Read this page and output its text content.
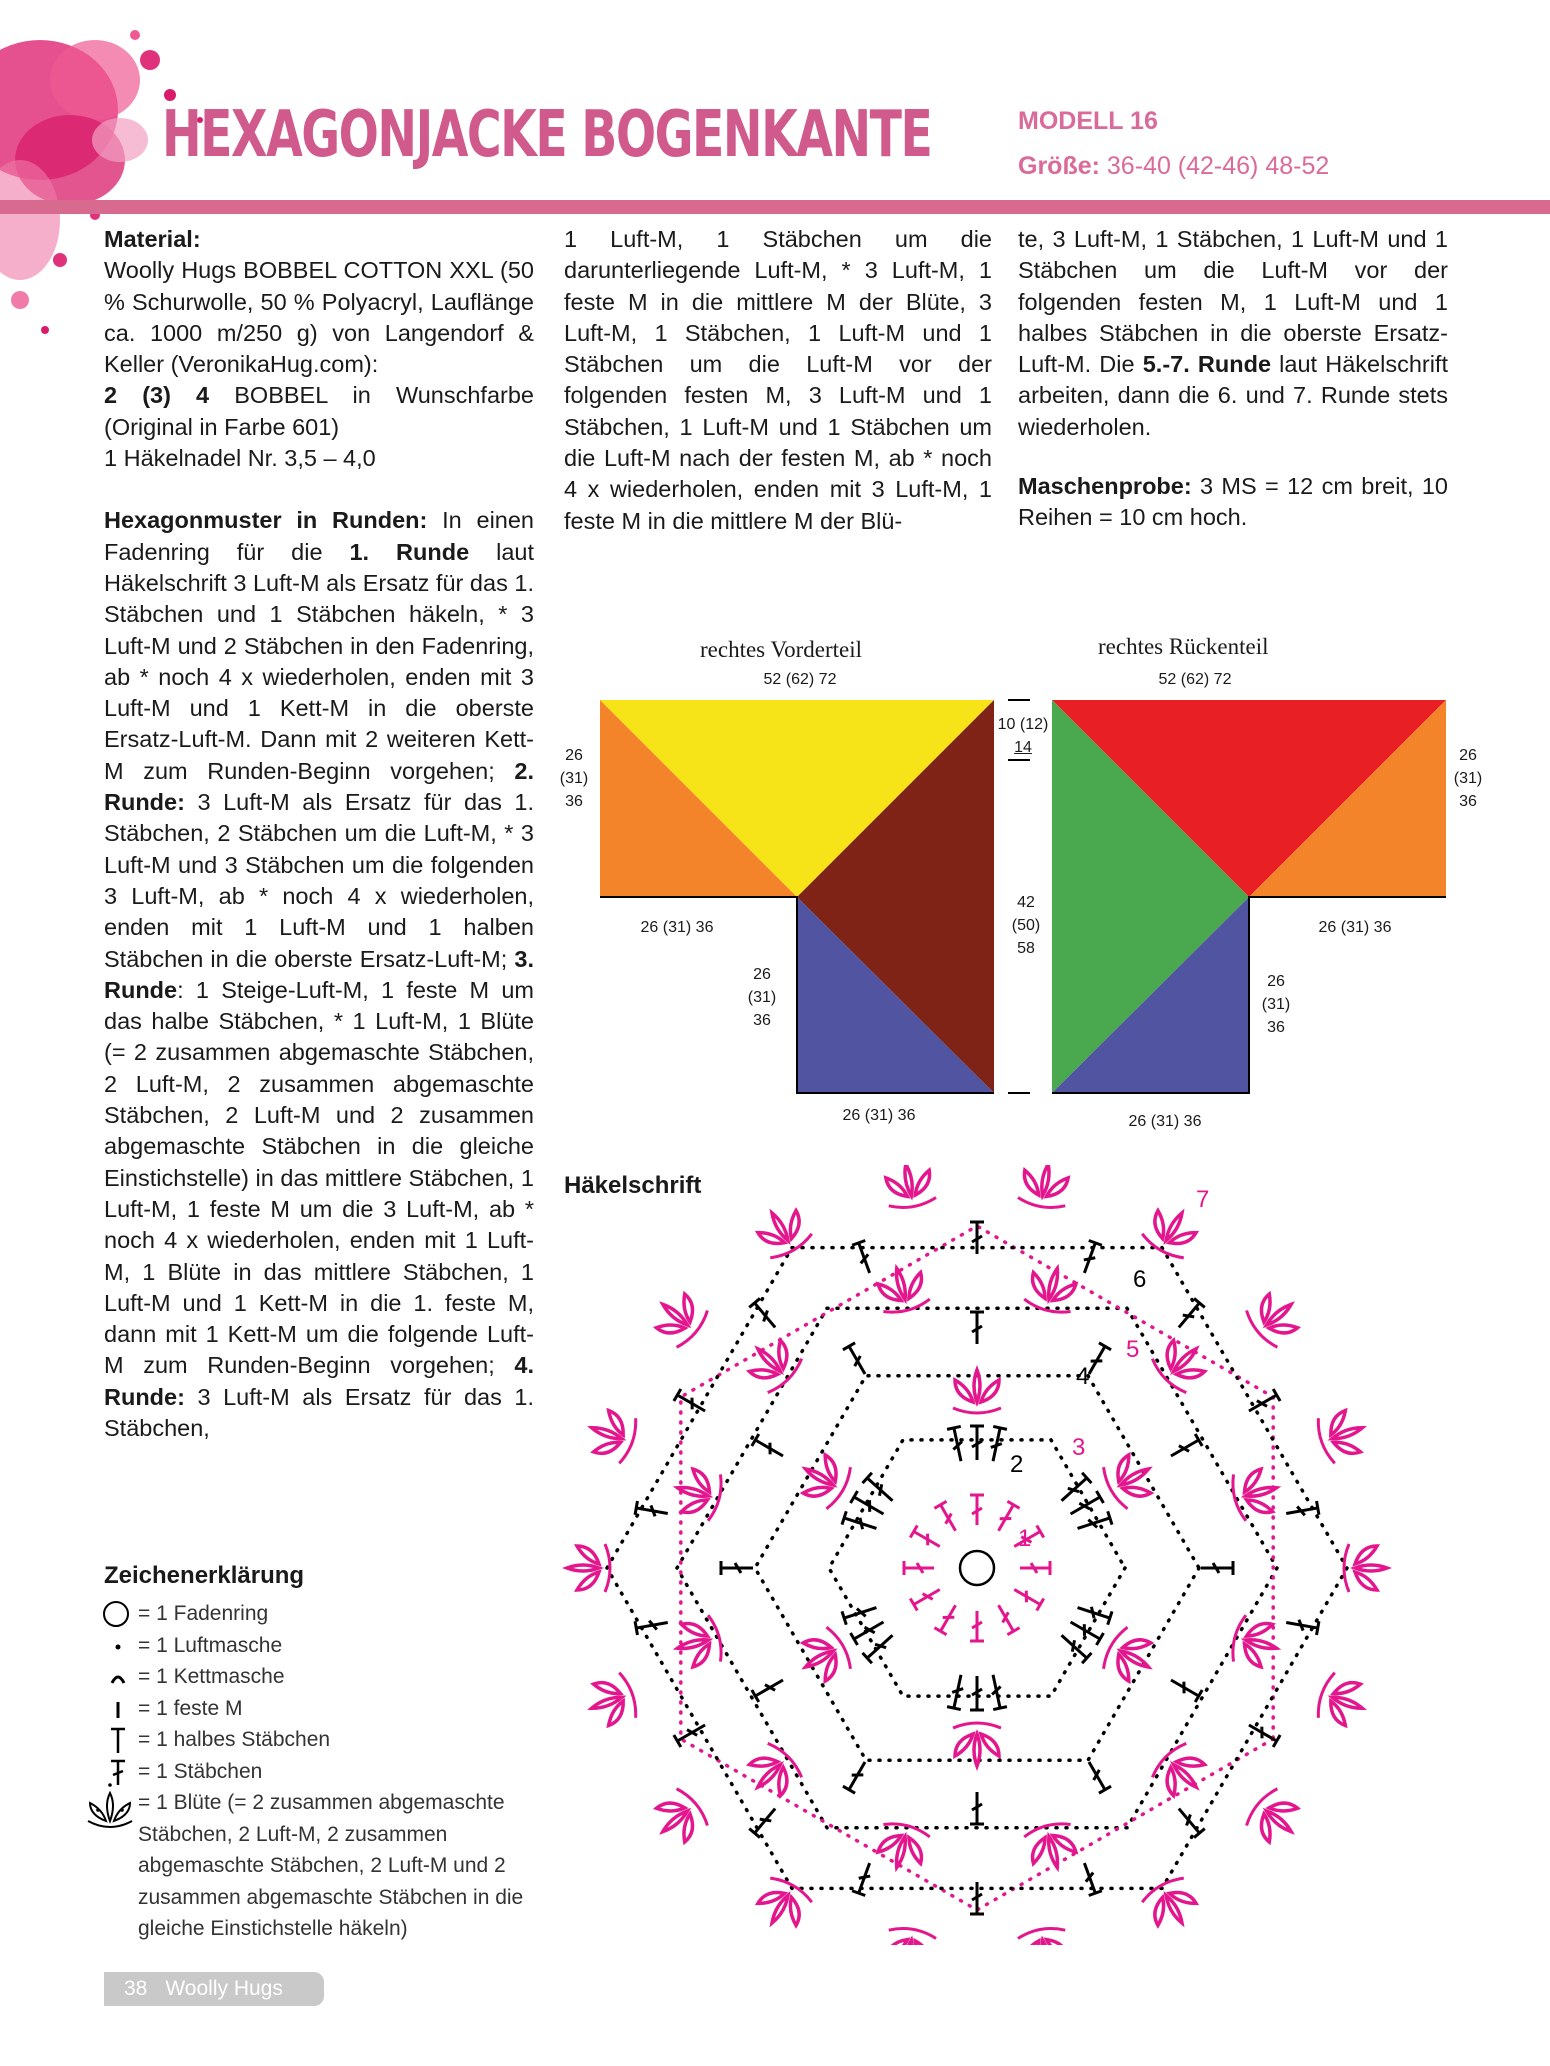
HEXAGONJACKE BOGENKANTE	MODELL 16
Größe: 36-40 (42-46) 48-52

Material:

Woolly Hugs BOBBEL COTTON XXL (50 % Schurwolle, 50 % Polyacryl, Lauflänge ca. 1000 m/250 g) von Langendorf & Keller (VeronikaHug.com):

2 (3) 4 BOBBEL in Wunschfarbe (Original in Farbe 601)

1 Häkelnadel Nr. 3,5 – 4,0

Hexagonmuster in Runden: In einen Fadenring für die 1. Runde laut Häkelschrift 3 Luft-M als Ersatz für das 1. Stäbchen und 1 Stäbchen häkeln, * 3 Luft-M und 2 Stäbchen in den Fadenring, ab * noch 4 x wiederholen, enden mit 3 Luft-M und 1 Kett-M in die oberste Ersatz-Luft-M. Dann mit 2 weiteren Kett-M zum Runden-Beginn vorgehen; 2. Runde: 3 Luft-M als Ersatz für das 1. Stäbchen, 2 Stäbchen um die Luft-M, * 3 Luft-M und 3 Stäbchen um die folgenden 3 Luft-M, ab * noch 4 x wiederholen, enden mit 1 Luft-M und 1 halben Stäbchen in die oberste Ersatz-Luft-M; 3. Runde: 1 Steige-Luft-M, 1 feste M um das halbe Stäbchen, * 1 Luft-M, 1 Blüte (= 2 zusammen abgemaschte Stäbchen, 2 Luft-M, 2 zusammen abgemaschte Stäbchen, 2 Luft-M und 2 zusammen abgemaschte Stäbchen in die gleiche Einstichstelle) in das mittlere Stäbchen, 1 Luft-M, 1 feste M um die 3 Luft-M, ab * noch 4 x wiederholen, enden mit 1 Luft-M, 1 Blüte in das mittlere Stäbchen, 1 Luft-M und 1 Kett-M in die 1. feste M, dann mit 1 Kett-M um die folgende Luft-M zum Runden-Beginn vorgehen; 4. Runde: 3 Luft-M als Ersatz für das 1. Stäbchen,

1 Luft-M, 1 Stäbchen um die darunterliegende Luft-M, * 3 Luft-M, 1 feste M in die mittlere M der Blüte, 3 Luft-M, 1 Stäbchen, 1 Luft-M und 1 Stäbchen um die Luft-M vor der folgenden festen M, 3 Luft-M und 1 Stäbchen, 1 Luft-M und 1 Stäbchen um die Luft-M nach der festen M, ab * noch 4 x wiederholen, enden mit 3 Luft-M, 1 feste M in die mittlere M der Blü-

te, 3 Luft-M, 1 Stäbchen, 1 Luft-M und 1 Stäbchen um die Luft-M vor der folgenden festen M, 1 Luft-M und 1 halbes Stäbchen in die oberste Ersatz-Luft-M. Die 5.-7. Runde laut Häkelschrift arbeiten, dann die 6. und 7. Runde stets wiederholen.

Maschenprobe: 3 MS = 12 cm breit, 10 Reihen = 10 cm hoch.

rechtes Vorderteil	rechtes Rückenteil
52 (62) 72	52 (62) 72
26
(31)
36
26
(31)
36
10 (12)
14
42
(50)
58
26 (31) 36	26 (31) 36
26
(31)
36
26
(31)
36
26 (31) 36	26 (31) 36
Häkelschrift
1
2
3
4
5
6
7
Zeichenerklärung
= 1 Fadenring
= 1 Luftmasche
= 1 Kettmasche
= 1 feste M
= 1 halbes Stäbchen
= 1 Stäbchen
= 1 Blüte (= 2 zusammen abgemaschte Stäbchen, 2 Luft-M, 2 zusammen abgemaschte Stäbchen, 2 Luft-M und 2 zusammen abgemaschte Stäbchen in die gleiche Einstichstelle häkeln)
38 Woolly Hugs
